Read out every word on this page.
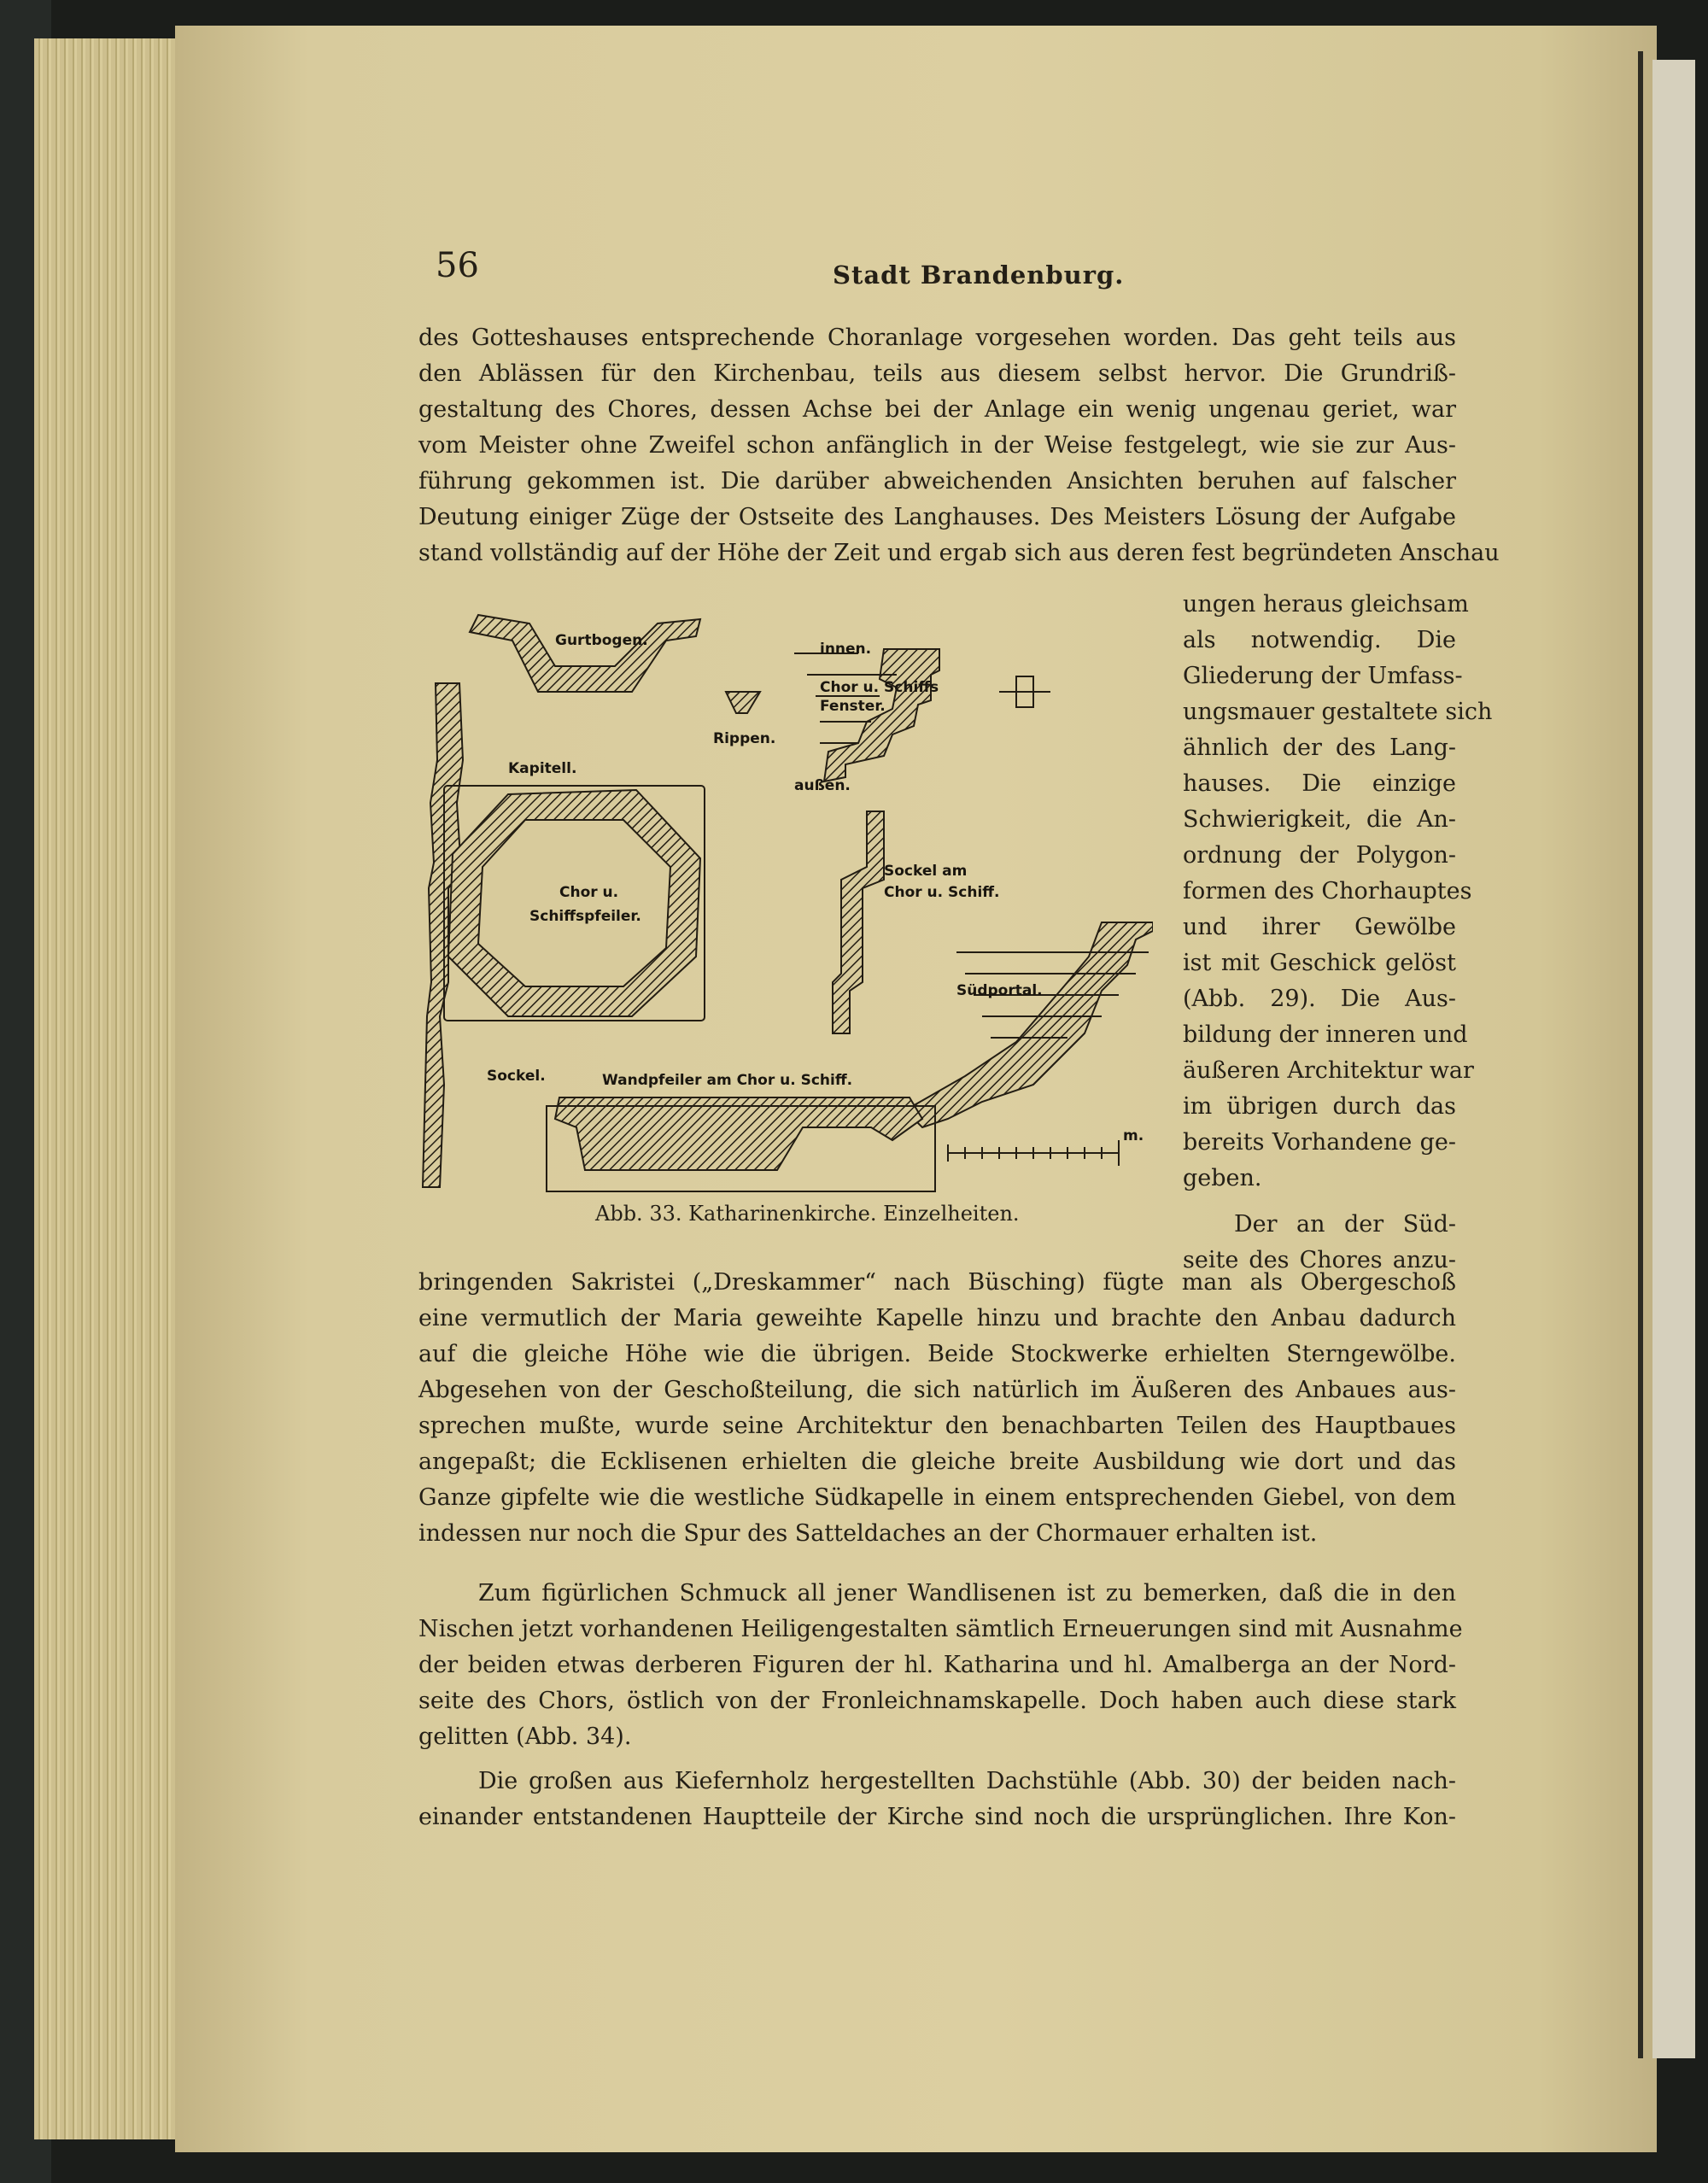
56	Stadt Brandenburg.
des Gotteshauses entsprechende Choranlage vorgesehen worden. Das geht teils aus
den Ablässen für den Kirchenbau, teils aus diesem selbst hervor. Die Grundriß-
gestaltung des Chores, dessen Achse bei der Anlage ein wenig ungenau geriet, war
vom Meister ohne Zweifel schon anfänglich in der Weise festgelegt, wie sie zur Aus-
führung gekommen ist. Die darüber abweichenden Ansichten beruhen auf falscher
Deutung einiger Züge der Ostseite des Langhauses. Des Meisters Lösung der Aufgabe
stand vollständig auf der Höhe der Zeit und ergab sich aus deren fest begründeten Anschau
ungen heraus gleichsam
als notwendig. Die
Gliederung der Umfass-
ungsmauer gestaltete sich
ähnlich der des Lang-
hauses. Die einzige
Schwierigkeit, die An-
ordnung der Polygon-
formen des Chorhauptes
und ihrer Gewölbe
ist mit Geschick gelöst
(Abb. 29). Die Aus-
bildung der inneren und
äußeren Architektur war
im übrigen durch das
bereits Vorhandene ge-
geben.
Der an der Süd-
seite des Chores anzu-
bringenden Sakristei („Dreskammer“ nach Büsching) fügte man als Obergeschoß
eine vermutlich der Maria geweihte Kapelle hinzu und brachte den Anbau dadurch
auf die gleiche Höhe wie die übrigen. Beide Stockwerke erhielten Sterngewölbe.
Abgesehen von der Geschoßteilung, die sich natürlich im Äußeren des Anbaues aus-
sprechen mußte, wurde seine Architektur den benachbarten Teilen des Hauptbaues
angepaßt; die Ecklisenen erhielten die gleiche breite Ausbildung wie dort und das
Ganze gipfelte wie die westliche Südkapelle in einem entsprechenden Giebel, von dem
indessen nur noch die Spur des Satteldaches an der Chormauer erhalten ist.
Zum figürlichen Schmuck all jener Wandlisenen ist zu bemerken, daß die in den
Nischen jetzt vorhandenen Heiligengestalten sämtlich Erneuerungen sind mit Ausnahme
der beiden etwas derberen Figuren der hl. Katharina und hl. Amalberga an der Nord-
seite des Chors, östlich von der Fronleichnamskapelle. Doch haben auch diese stark
gelitten (Abb. 34).
Die großen aus Kiefernholz hergestellten Dachstühle (Abb. 30) der beiden nach-
einander entstandenen Hauptteile der Kirche sind noch die ursprünglichen. Ihre Kon-
Gurtbogen.	innen.
Chor u. Schiffs
Fenster.
Rippen.
Kapitell.
außen.
Sockel am
Chor u. Schiff.
Chor u.
Schiffspfeiler.
Südportal.
Sockel.	Wandpfeiler am Chor u. Schiff.
m.
Abb. 33. Katharinenkirche. Einzelheiten.
